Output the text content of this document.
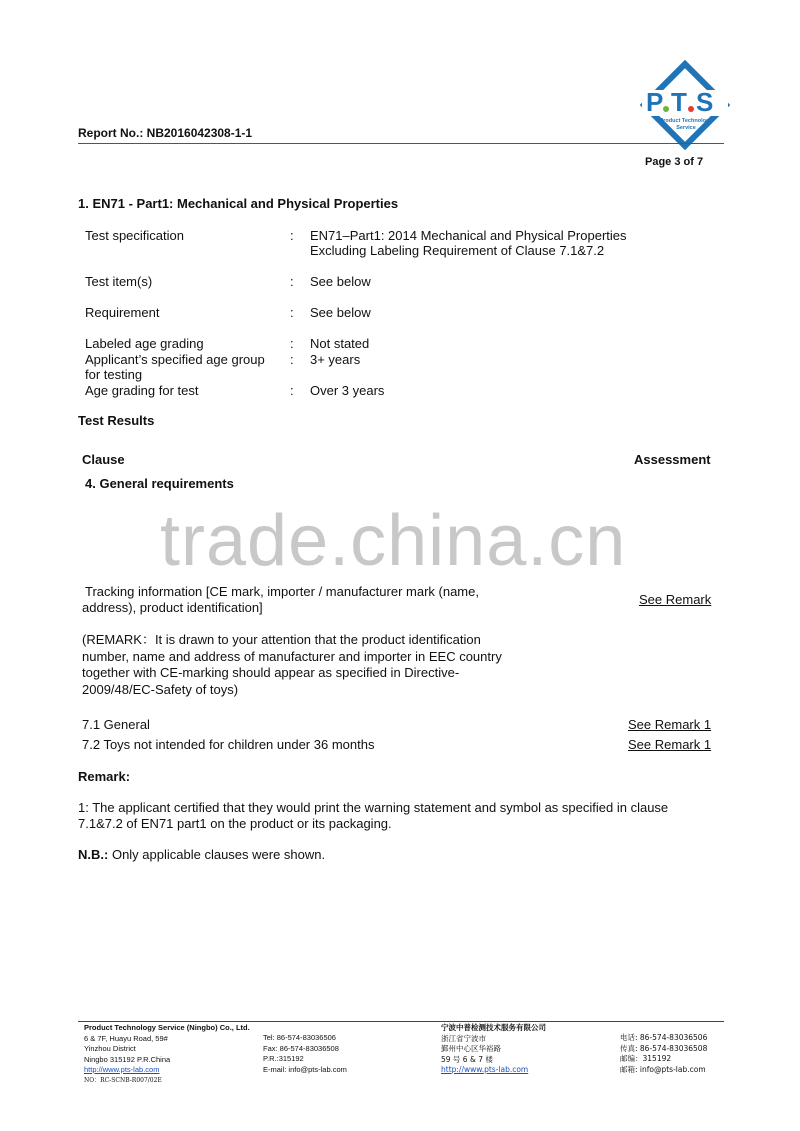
P T S
Product Technology
Service
Report No.: NB2016042308-1-1
Page 3 of 7
1. EN71 - Part1: Mechanical and Physical Properties
Test specification	: EN71–Part1: 2014 Mechanical and Physical Properties
Excluding Labeling Requirement of Clause 7.1&7.2
Test item(s)	: See below
Requirement	: See below
Labeled age grading	: Not stated
Applicant’s specified age group
for testing
: 3+ years
Age grading for test	: Over 3 years
Test Results
Clause	Assessment
4. General requirements
trade.china.cn
Tracking information [CE mark, importer / manufacturer mark (name,
address), product identification]
See Remark
(REMARK：It is drawn to your attention that the product identification
number, name and address of manufacturer and importer in EEC country
together with CE-marking should appear as specified in Directive-
2009/48/EC-Safety of toys)
7.1 General	See Remark 1
7.2 Toys not intended for children under 36 months	See Remark 1
Remark:
1: The applicant certified that they would print the warning statement and symbol as specified in clause
7.1&7.2 of EN71 part1 on the product or its packaging.
N.B.: Only applicable clauses were shown.
Product Technology Service (Ningbo) Co., Ltd.
6 & 7F, Huayu Road, 59#
Yinzhou District
Ningbo 315192 P.R.China
http://www.pts-lab.com
NO：RC-SCNB-R007/02E
Tel: 86-574-83036506
Fax: 86-574-83036508
P.R.:315192
E-mail: info@pts-lab.com
宁波中普检测技术服务有限公司
浙江省宁波市
鄞州中心区华裕路
59 号 6 & 7 楼
http://www.pts-lab.com
电话: 86-574-83036506
传真: 86-574-83036508
邮编：315192
邮箱: info@pts-lab.com
